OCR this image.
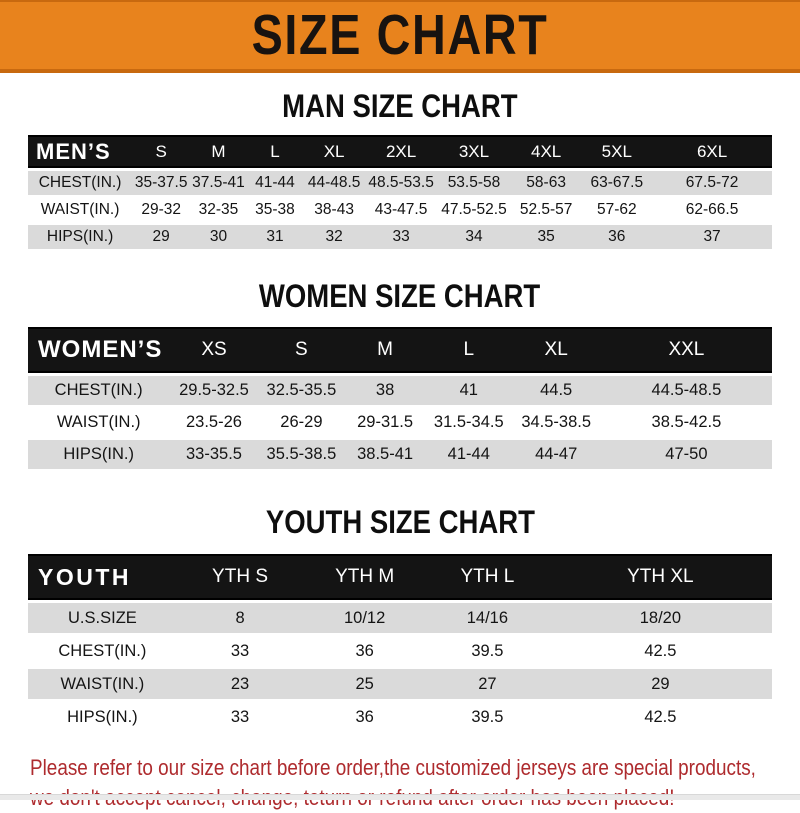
SIZE CHART
MAN SIZE CHART
MEN’S	S	M	L	XL	2XL	3XL	4XL	5XL	6XL
CHEST(IN.)	35-37.5	37.5-41	41-44	44-48.5	48.5-53.5	53.5-58	58-63	63-67.5	67.5-72
WAIST(IN.)	29-32	32-35	35-38	38-43	43-47.5	47.5-52.5	52.5-57	57-62	62-66.5
HIPS(IN.)	29	30	31	32	33	34	35	36	37
WOMEN SIZE CHART
WOMEN’S	XS	S	M	L	XL	XXL
CHEST(IN.)	29.5-32.5	32.5-35.5	38	41	44.5	44.5-48.5
WAIST(IN.)	23.5-26	26-29	29-31.5	31.5-34.5	34.5-38.5	38.5-42.5
HIPS(IN.)	33-35.5	35.5-38.5	38.5-41	41-44	44-47	47-50
YOUTH SIZE CHART
YOUTH	YTH S	YTH M	YTH L	YTH XL
U.S.SIZE	8	10/12	14/16	18/20
CHEST(IN.)	33	36	39.5	42.5
WAIST(IN.)	23	25	27	29
HIPS(IN.)	33	36	39.5	42.5
Please refer to our size chart before order,the customized jerseys are special products,
